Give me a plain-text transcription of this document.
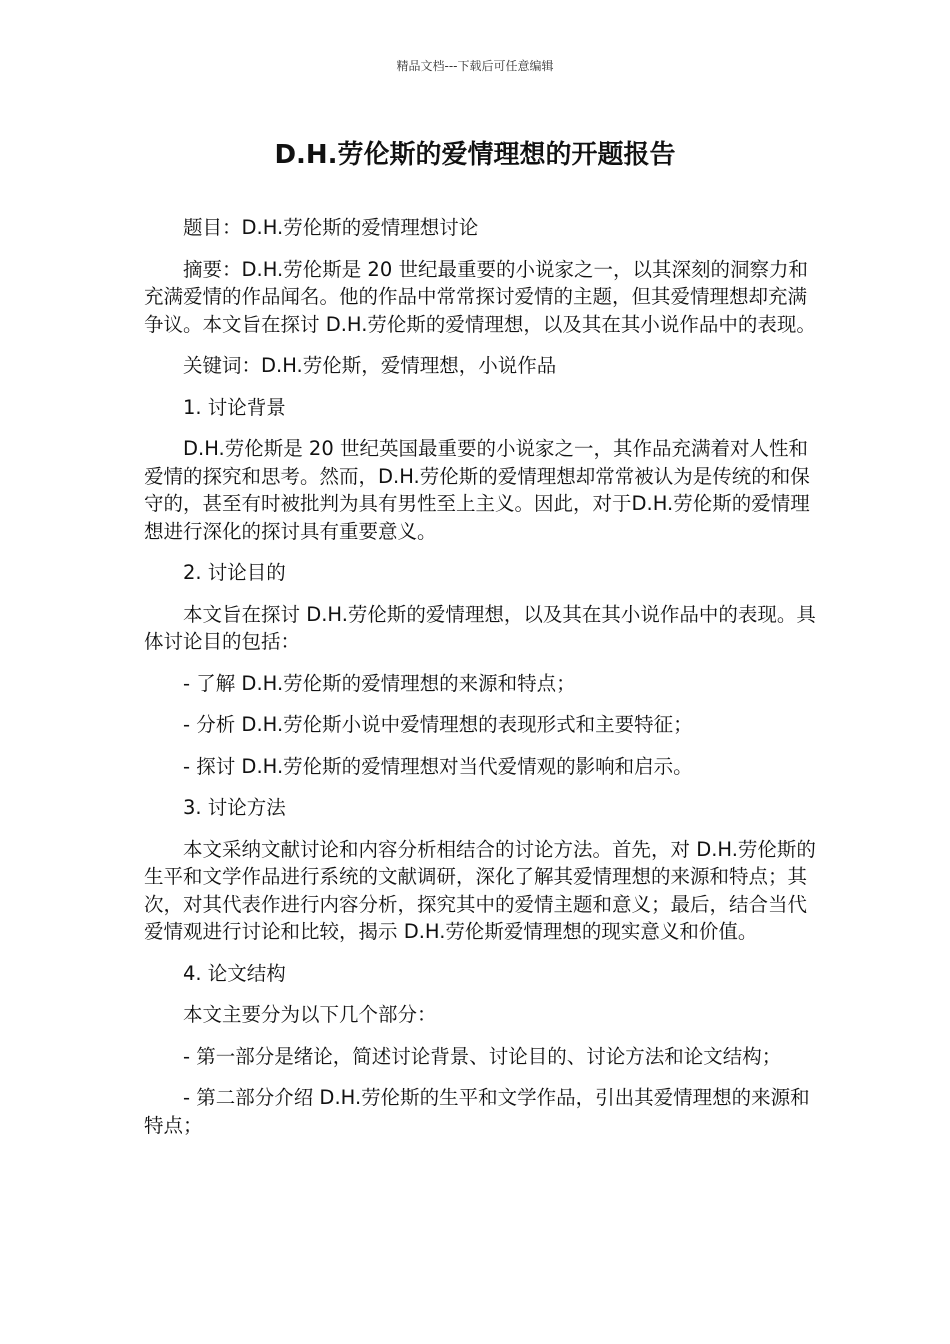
精品文档---下载后可任意编辑
D.H.劳伦斯的爱情理想的开题报告

题目：D.H.劳伦斯的爱情理想讨论

摘要：D.H.劳伦斯是 20 世纪最重要的小说家之一，以其深刻的洞察力和充满爱情的作品闻名。他的作品中常常探讨爱情的主题，但其爱情理想却充满争议。本文旨在探讨 D.H.劳伦斯的爱情理想，以及其在其小说作品中的表现。

关键词：D.H.劳伦斯，爱情理想，小说作品

1. 讨论背景

D.H.劳伦斯是 20 世纪英国最重要的小说家之一，其作品充满着对人性和爱情的探究和思考。然而，D.H.劳伦斯的爱情理想却常常被认为是传统的和保守的，甚至有时被批判为具有男性至上主义。因此，对于D.H.劳伦斯的爱情理想进行深化的探讨具有重要意义。

2. 讨论目的

本文旨在探讨 D.H.劳伦斯的爱情理想，以及其在其小说作品中的表现。具体讨论目的包括：

- 了解 D.H.劳伦斯的爱情理想的来源和特点；

- 分析 D.H.劳伦斯小说中爱情理想的表现形式和主要特征；

- 探讨 D.H.劳伦斯的爱情理想对当代爱情观的影响和启示。

3. 讨论方法

本文采纳文献讨论和内容分析相结合的讨论方法。首先，对 D.H.劳伦斯的生平和文学作品进行系统的文献调研，深化了解其爱情理想的来源和特点；其次，对其代表作进行内容分析，探究其中的爱情主题和意义；最后，结合当代爱情观进行讨论和比较，揭示 D.H.劳伦斯爱情理想的现实意义和价值。

4. 论文结构

本文主要分为以下几个部分：

- 第一部分是绪论，简述讨论背景、讨论目的、讨论方法和论文结构；

- 第二部分介绍 D.H.劳伦斯的生平和文学作品，引出其爱情理想的来源和特点；
